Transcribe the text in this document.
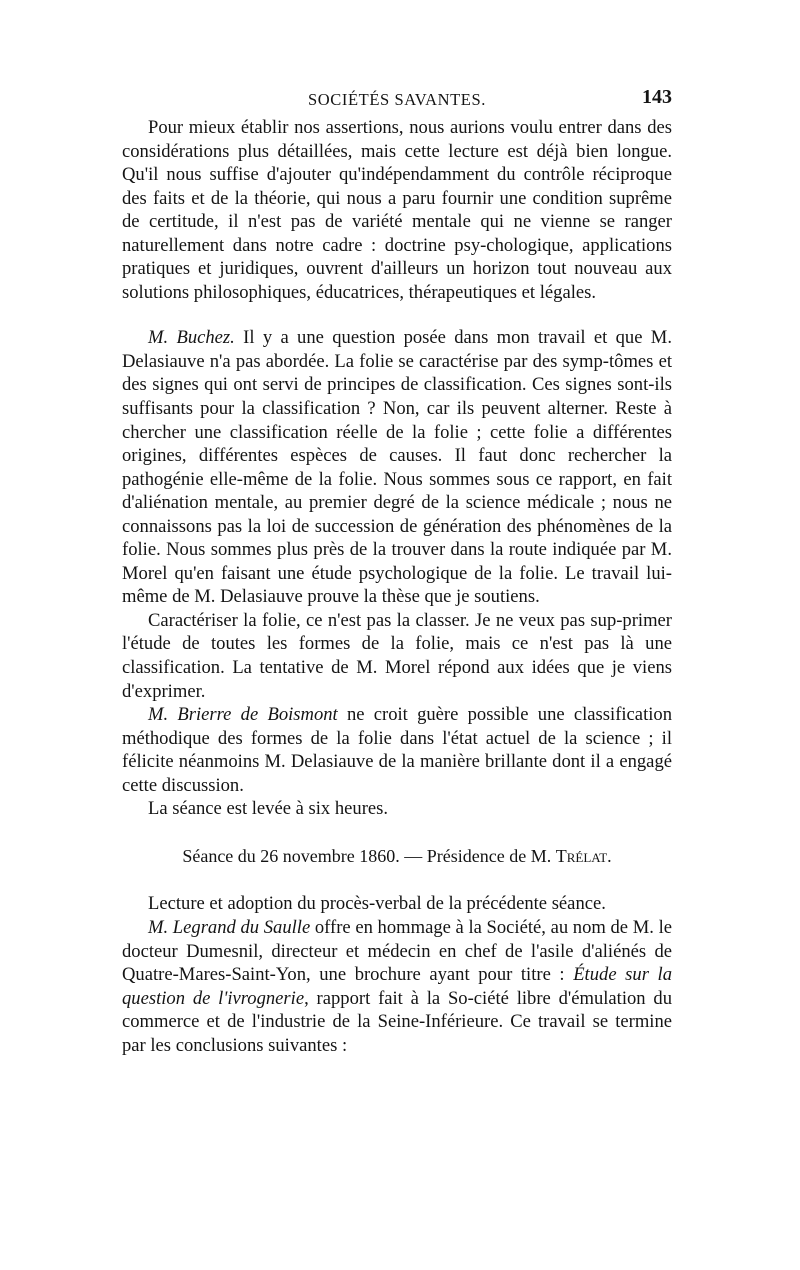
SOCIÉTÉS SAVANTES.	143

Pour mieux établir nos assertions, nous aurions voulu entrer dans des considérations plus détaillées, mais cette lecture est déjà bien longue. Qu'il nous suffise d'ajouter qu'indépendamment du contrôle réciproque des faits et de la théorie, qui nous a paru fournir une condition suprême de certitude, il n'est pas de variété mentale qui ne vienne se ranger naturellement dans notre cadre : doctrine psy-chologique, applications pratiques et juridiques, ouvrent d'ailleurs un horizon tout nouveau aux solutions philosophiques, éducatrices, thérapeutiques et légales.

M. Buchez. Il y a une question posée dans mon travail et que M. Delasiauve n'a pas abordée. La folie se caractérise par des symp-tômes et des signes qui ont servi de principes de classification. Ces signes sont-ils suffisants pour la classification ? Non, car ils peuvent alterner. Reste à chercher une classification réelle de la folie ; cette folie a différentes origines, différentes espèces de causes. Il faut donc rechercher la pathogénie elle-même de la folie. Nous sommes sous ce rapport, en fait d'aliénation mentale, au premier degré de la science médicale ; nous ne connaissons pas la loi de succession de génération des phénomènes de la folie. Nous sommes plus près de la trouver dans la route indiquée par M. Morel qu'en faisant une étude psychologique de la folie. Le travail lui-même de M. Delasiauve prouve la thèse que je soutiens.

Caractériser la folie, ce n'est pas la classer. Je ne veux pas sup-primer l'étude de toutes les formes de la folie, mais ce n'est pas là une classification. La tentative de M. Morel répond aux idées que je viens d'exprimer.

M. Brierre de Boismont ne croit guère possible une classification méthodique des formes de la folie dans l'état actuel de la science ; il félicite néanmoins M. Delasiauve de la manière brillante dont il a engagé cette discussion.

La séance est levée à six heures.

Séance du 26 novembre 1860. — Présidence de M. Trélat.

Lecture et adoption du procès-verbal de la précédente séance.

M. Legrand du Saulle offre en hommage à la Société, au nom de M. le docteur Dumesnil, directeur et médecin en chef de l'asile d'aliénés de Quatre-Mares-Saint-Yon, une brochure ayant pour titre : Étude sur la question de l'ivrognerie, rapport fait à la So-ciété libre d'émulation du commerce et de l'industrie de la Seine-Inférieure. Ce travail se termine par les conclusions suivantes :
